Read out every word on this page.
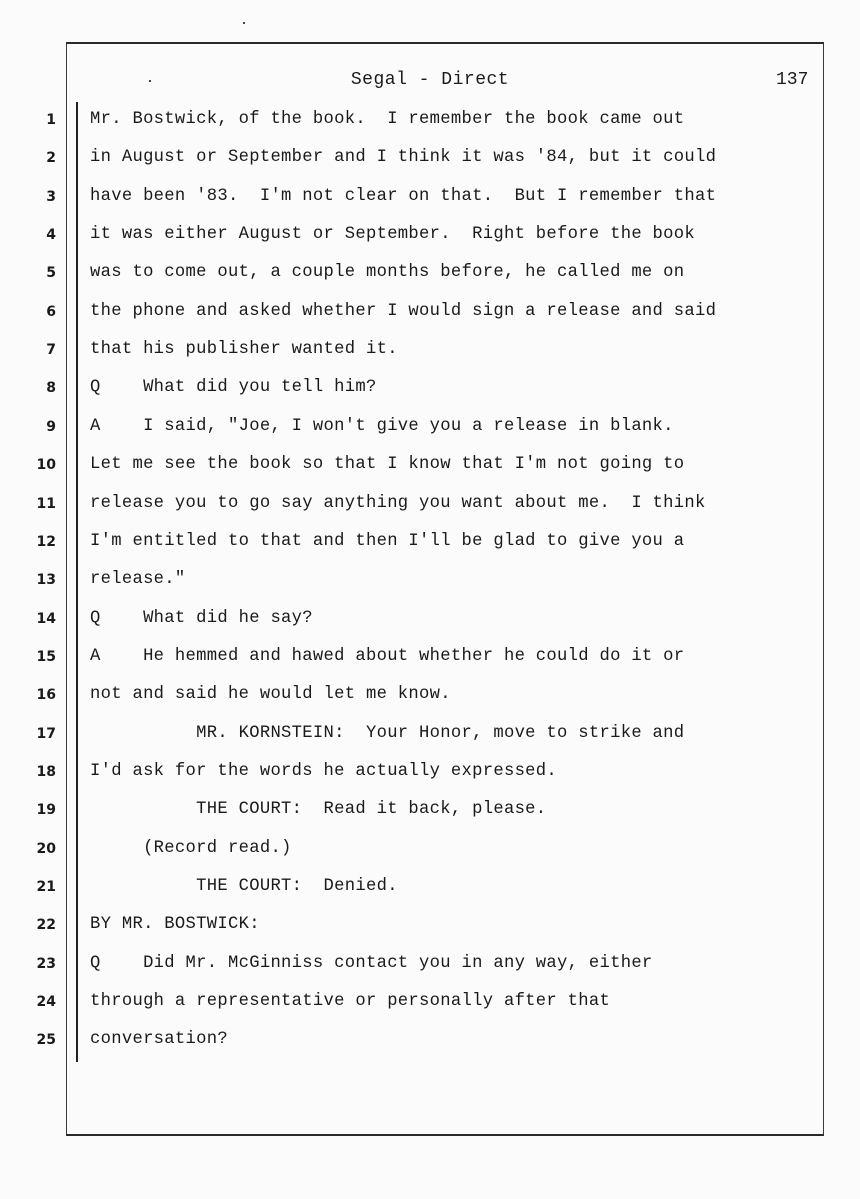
Segal - Direct	137
1 Mr. Bostwick, of the book.  I remember the book came out
2 in August or September and I think it was '84, but it could
3 have been '83.  I'm not clear on that.  But I remember that
4 it was either August or September.  Right before the book
5 was to come out, a couple months before, he called me on
6 the phone and asked whether I would sign a release and said
7 that his publisher wanted it.
8 Q    What did you tell him?
9 A    I said, "Joe, I won't give you a release in blank.
10 Let me see the book so that I know that I'm not going to
11 release you to go say anything you want about me.  I think
12 I'm entitled to that and then I'll be glad to give you a
13 release."
14 Q    What did he say?
15 A    He hemmed and hawed about whether he could do it or
16 not and said he would let me know.
17 MR. KORNSTEIN:  Your Honor, move to strike and
18 I'd ask for the words he actually expressed.
19 THE COURT:  Read it back, please.
20 (Record read.)
21 THE COURT:  Denied.
22 BY MR. BOSTWICK:
23 Q    Did Mr. McGinniss contact you in any way, either
24 through a representative or personally after that
25 conversation?
